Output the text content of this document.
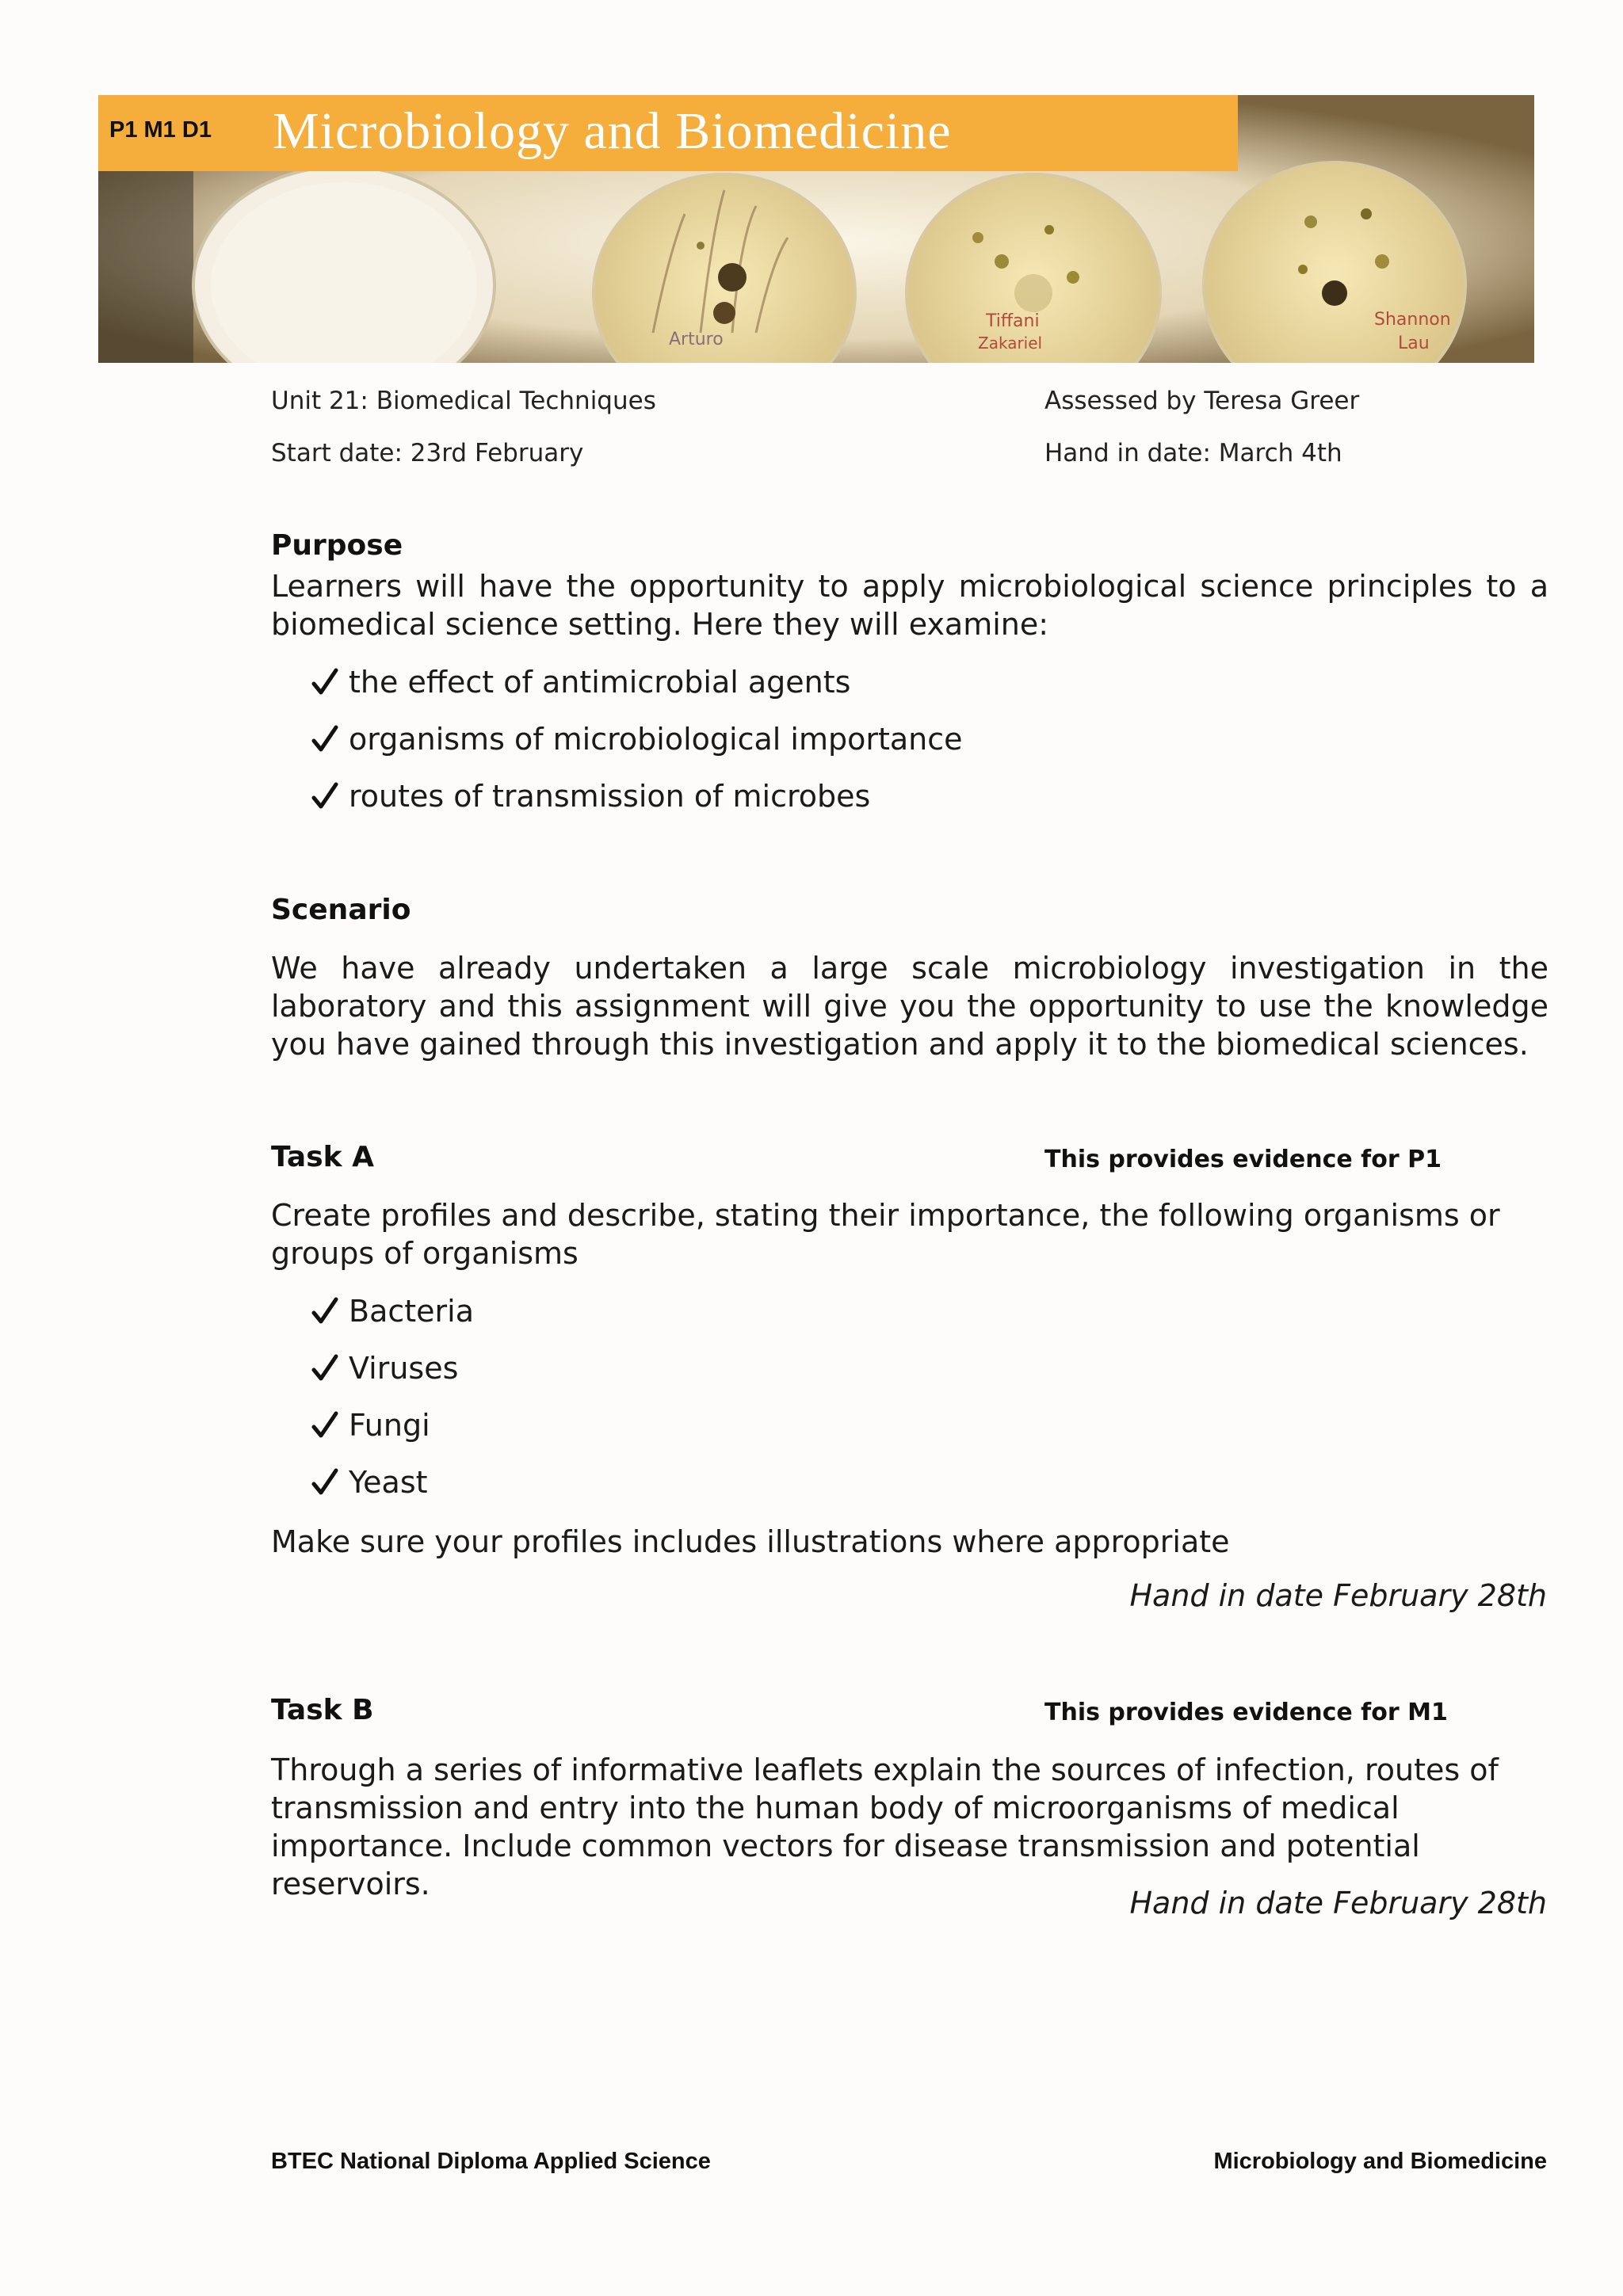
Arturo
Tiffani
Zakariel
Shannon
Lau
P1 M1 D1 Microbiology and Biomedicine
Unit 21: Biomedical Techniques	Assessed by Teresa Greer
Start date: 23rd February	Hand in date: March 4th
Purpose
Learners will have the opportunity to apply microbiological science principles to a biomedical science setting. Here they will examine:
the effect of antimicrobial agents
organisms of microbiological importance
routes of transmission of microbes
Scenario
We have already undertaken a large scale microbiology investigation in the laboratory and this assignment will give you the opportunity to use the knowledge you have gained through this investigation and apply it to the biomedical sciences.
Task A	This provides evidence for P1
Create profiles and describe, stating their importance, the following organisms or groups of organisms
Bacteria
Viruses
Fungi
Yeast
Make sure your profiles includes illustrations where appropriate
Hand in date February 28th
Task B	This provides evidence for M1
Through a series of informative leaflets explain the sources of infection, routes of transmission and entry into the human body of microorganisms of medical importance. Include common vectors for disease transmission and potential reservoirs.
Hand in date February 28th
BTEC National Diploma Applied Science	Microbiology and Biomedicine
